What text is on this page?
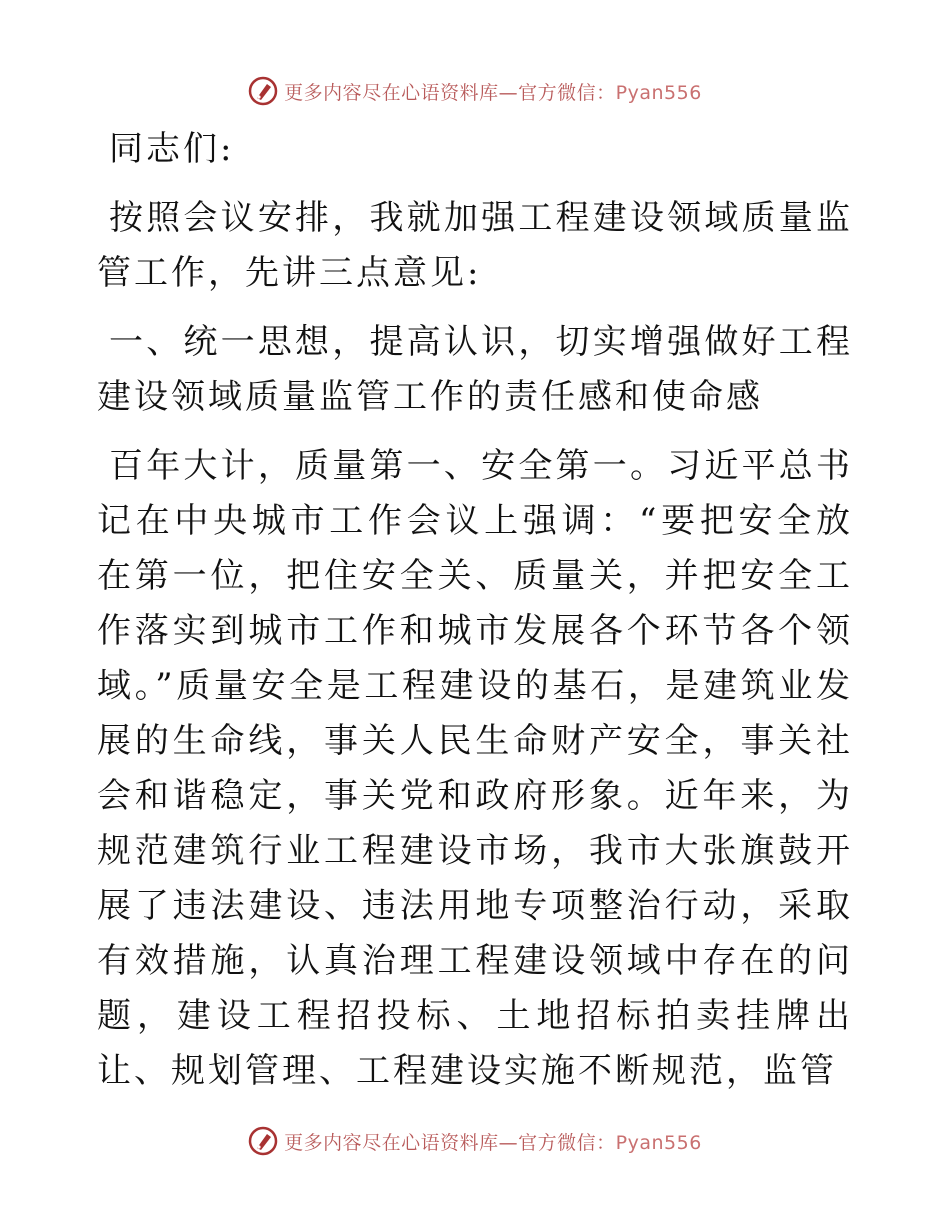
更多内容尽在心语资料库—官方微信：Pyan556

同志们:

按照会议安排，我就加强工程建设领域质量监管工作，先讲三点意见:

一、统一思想，提高认识，切实增强做好工程建设领域质量监管工作的责任感和使命感

百年大计，质量第一、安全第一。习近平总书记在中央城市工作会议上强调：“要把安全放在第一位，把住安全关、质量关，并把安全工作落实到城市工作和城市发展各个环节各个领域。”质量安全是工程建设的基石，是建筑业发展的生命线，事关人民生命财产安全，事关社会和谐稳定，事关党和政府形象。近年来，为规范建筑行业工程建设市场，我市大张旗鼓开展了违法建设、违法用地专项整治行动，采取有效措施，认真治理工程建设领域中存在的问题，建设工程招投标、土地招标拍卖挂牌出让、规划管理、工程建设实施不断规范，监管

更多内容尽在心语资料库—官方微信：Pyan556
